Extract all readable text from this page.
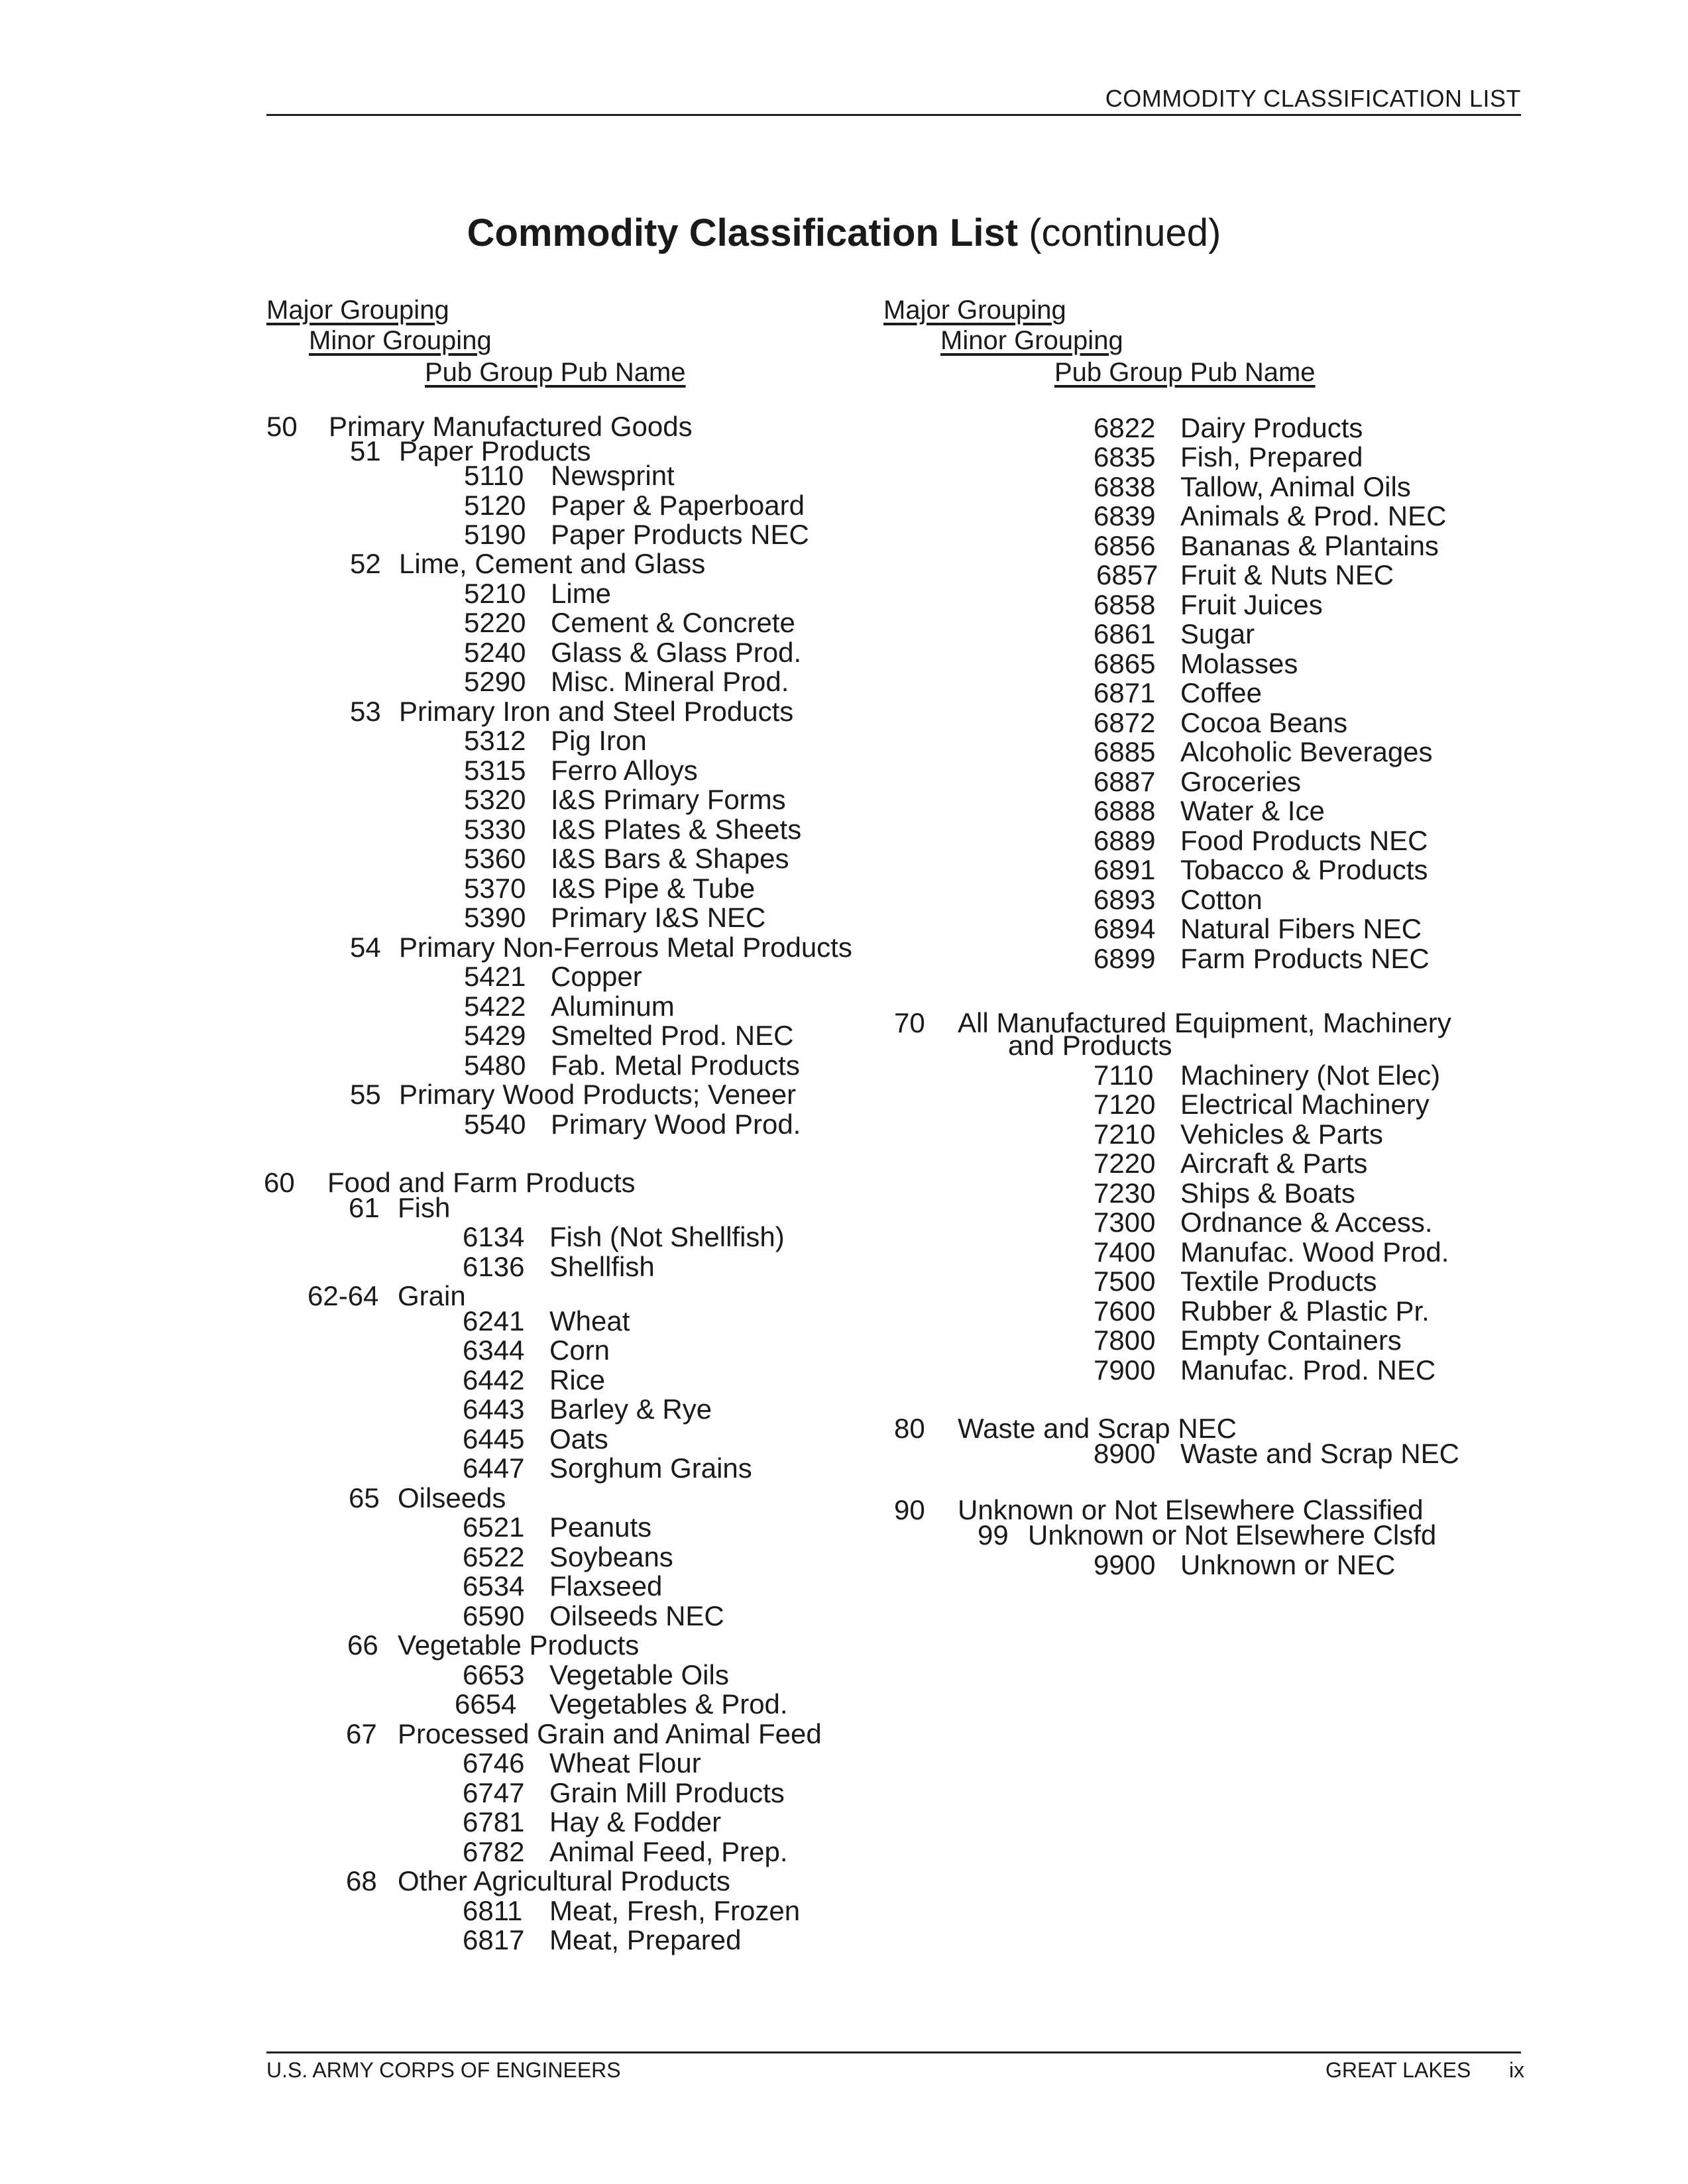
COMMODITY CLASSIFICATION LIST
Commodity Classification List (continued)
Major Grouping
Minor Grouping
Pub Group Pub Name
Major Grouping
Minor Grouping
Pub Group Pub Name
50 Primary Manufactured Goods
51 Paper Products
5110 Newsprint
5120 Paper & Paperboard
5190 Paper Products NEC
52 Lime, Cement and Glass
5210 Lime
5220 Cement & Concrete
5240 Glass & Glass Prod.
5290 Misc. Mineral Prod.
53 Primary Iron and Steel Products
5312 Pig Iron
5315 Ferro Alloys
5320 I&S Primary Forms
5330 I&S Plates & Sheets
5360 I&S Bars & Shapes
5370 I&S Pipe & Tube
5390 Primary I&S NEC
54 Primary Non-Ferrous Metal Products
5421 Copper
5422 Aluminum
5429 Smelted Prod. NEC
5480 Fab. Metal Products
55 Primary Wood Products; Veneer
5540 Primary Wood Prod.
60 Food and Farm Products
61 Fish
6134 Fish (Not Shellfish)
6136 Shellfish
62-64 Grain
6241 Wheat
6344 Corn
6442 Rice
6443 Barley & Rye
6445 Oats
6447 Sorghum Grains
65 Oilseeds
6521 Peanuts
6522 Soybeans
6534 Flaxseed
6590 Oilseeds NEC
66 Vegetable Products
6653 Vegetable Oils
6654 Vegetables & Prod.
67 Processed Grain and Animal Feed
6746 Wheat Flour
6747 Grain Mill Products
6781 Hay & Fodder
6782 Animal Feed, Prep.
68 Other Agricultural Products
6811 Meat, Fresh, Frozen
6817 Meat, Prepared
6822 Dairy Products
6835 Fish, Prepared
6838 Tallow, Animal Oils
6839 Animals & Prod. NEC
6856 Bananas & Plantains
6857 Fruit & Nuts NEC
6858 Fruit Juices
6861 Sugar
6865 Molasses
6871 Coffee
6872 Cocoa Beans
6885 Alcoholic Beverages
6887 Groceries
6888 Water & Ice
6889 Food Products NEC
6891 Tobacco & Products
6893 Cotton
6894 Natural Fibers NEC
6899 Farm Products NEC
70 All Manufactured Equipment, Machinery
and Products
7110 Machinery (Not Elec)
7120 Electrical Machinery
7210 Vehicles & Parts
7220 Aircraft & Parts
7230 Ships & Boats
7300 Ordnance & Access.
7400 Manufac. Wood Prod.
7500 Textile Products
7600 Rubber & Plastic Pr.
7800 Empty Containers
7900 Manufac. Prod. NEC
80 Waste and Scrap NEC
8900 Waste and Scrap NEC
90 Unknown or Not Elsewhere Classified
99 Unknown or Not Elsewhere Clsfd
9900 Unknown or NEC
U.S. ARMY CORPS OF ENGINEERS	GREAT LAKES ix
